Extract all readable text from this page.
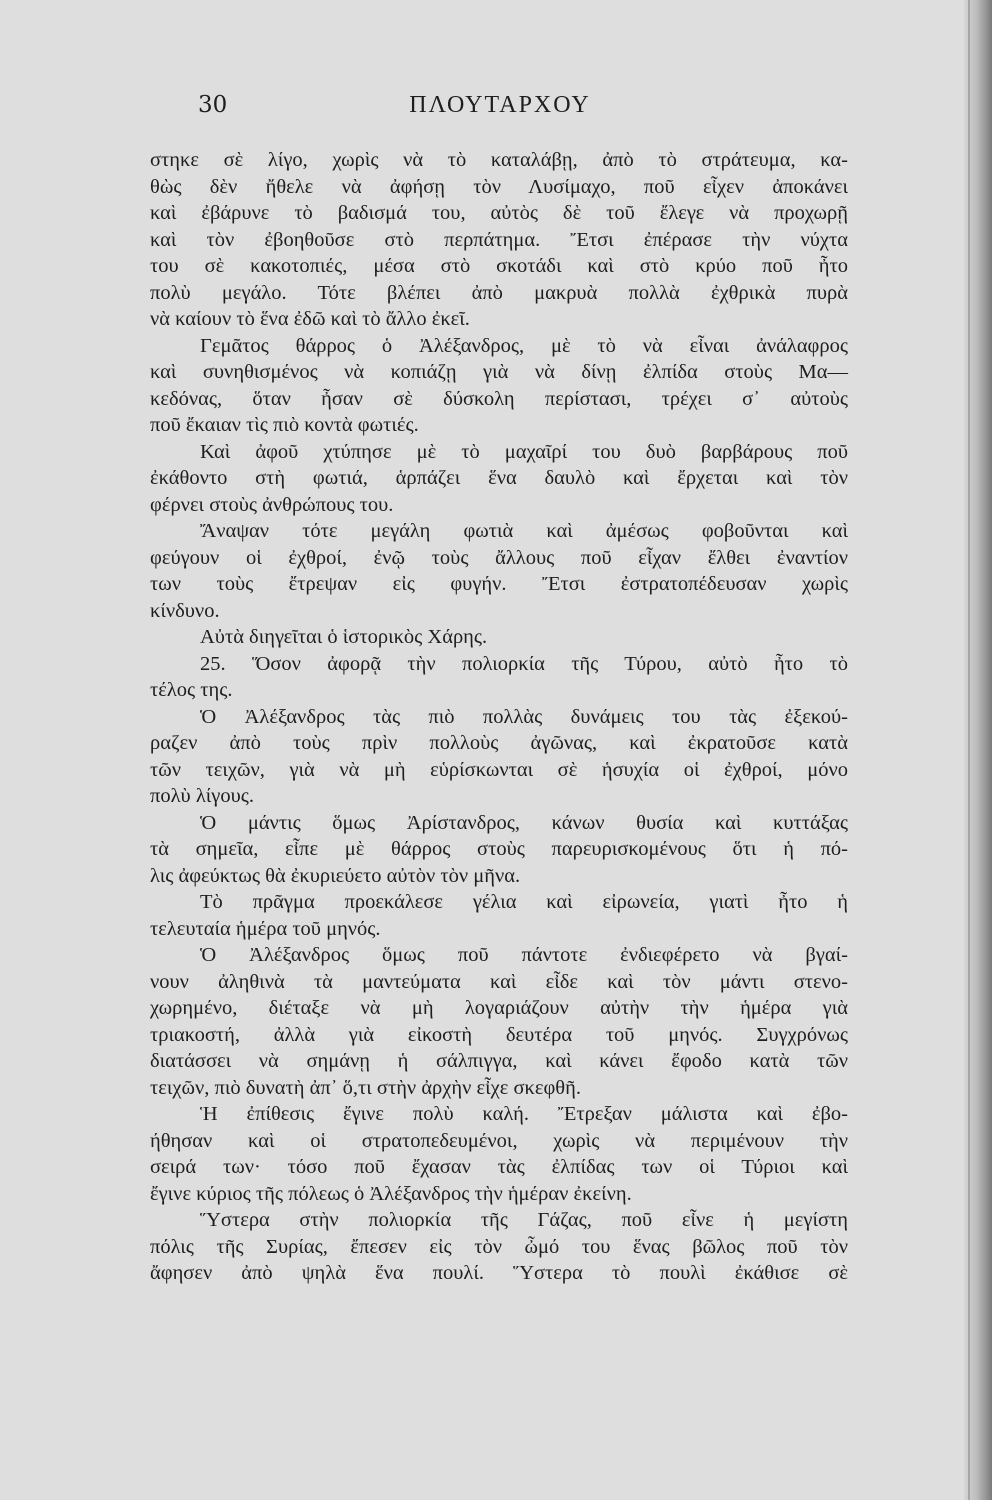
30	ΠΛΟΥΤΑΡΧΟΥ
στηκε σὲ λίγο, χωρὶς νὰ τὸ καταλάβῃ, ἀπὸ τὸ στράτευμα, κα-
θὼς δὲν ἤθελε νὰ ἀφήσῃ τὸν Λυσίμαχο, ποῦ εἶχεν ἀποκάνει
καὶ ἐβάρυνε τὸ βαδισμά του, αὐτὸς δὲ τοῦ ἔλεγε νὰ προχωρῇ
καὶ τὸν ἐβοηθοῦσε στὸ περπάτημα. Ἔτσι ἐπέρασε τὴν νύχτα
του σὲ κακοτοπιές, μέσα στὸ σκοτάδι καὶ στὸ κρύο ποῦ ἦτο
πολὺ μεγάλο. Τότε βλέπει ἀπὸ μακρυὰ πολλὰ ἐχθρικὰ πυρὰ
νὰ καίουν τὸ ἕνα ἐδῶ καὶ τὸ ἄλλο ἐκεῖ.
Γεμᾶτος θάρρος ὁ Ἀλέξανδρος, μὲ τὸ νὰ εἶναι ἀνάλαφρος
καὶ συνηθισμένος νὰ κοπιάζῃ γιὰ νὰ δίνῃ ἐλπίδα στοὺς Μα—
κεδόνας, ὅταν ἦσαν σὲ δύσκολη περίστασι, τρέχει σ᾽ αὐτοὺς
ποῦ ἔκαιαν τὶς πιὸ κοντὰ φωτιές.
Καὶ ἀφοῦ χτύπησε μὲ τὸ μαχαῖρί του δυὸ βαρβάρους ποῦ
ἐκάθοντο στὴ φωτιά, ἁρπάζει ἕνα δαυλὸ καὶ ἔρχεται καὶ τὸν
φέρνει στοὺς ἀνθρώπους του.
Ἄναψαν τότε μεγάλη φωτιὰ καὶ ἀμέσως φοβοῦνται καὶ
φεύγουν οἱ ἐχθροί, ἐνῷ τοὺς ἄλλους ποῦ εἶχαν ἔλθει ἐναντίον
των τοὺς ἔτρεψαν εἰς φυγήν. Ἔτσι ἐστρατοπέδευσαν χωρὶς
κίνδυνο.
Αὐτὰ διηγεῖται ὁ ἱστορικὸς Χάρης.
25. Ὅσον ἀφορᾷ τὴν πολιορκία τῆς Τύρου, αὐτὸ ἦτο τὸ
τέλος της.
Ὁ Ἀλέξανδρος τὰς πιὸ πολλὰς δυνάμεις του τὰς ἐξεκού-
ραζεν ἀπὸ τοὺς πρὶν πολλοὺς ἀγῶνας, καὶ ἐκρατοῦσε κατὰ
τῶν τειχῶν, γιὰ νὰ μὴ εὑρίσκωνται σὲ ἡσυχία οἱ ἐχθροί, μόνο
πολὺ λίγους.
Ὁ μάντις ὅμως Ἀρίστανδρος, κάνων θυσία καὶ κυττάξας
τὰ σημεῖα, εἶπε μὲ θάρρος στοὺς παρευρισκομένους ὅτι ἡ πό-
λις ἀφεύκτως θὰ ἐκυριεύετο αὐτὸν τὸν μῆνα.
Τὸ πρᾶγμα προεκάλεσε γέλια καὶ εἰρωνεία, γιατὶ ἦτο ἡ
τελευταία ἡμέρα τοῦ μηνός.
Ὁ Ἀλέξανδρος ὅμως ποῦ πάντοτε ἐνδιεφέρετο νὰ βγαί-
νουν ἀληθινὰ τὰ μαντεύματα καὶ εἶδε καὶ τὸν μάντι στενο-
χωρημένο, διέταξε νὰ μὴ λογαριάζουν αὐτὴν τὴν ἡμέρα γιὰ
τριακοστή, ἀλλὰ γιὰ εἰκοστὴ δευτέρα τοῦ μηνός. Συγχρόνως
διατάσσει νὰ σημάνῃ ἡ σάλπιγγα, καὶ κάνει ἔφοδο κατὰ τῶν
τειχῶν, πιὸ δυνατὴ ἀπ᾽ ὅ,τι στὴν ἀρχὴν εἶχε σκεφθῆ.
Ἡ ἐπίθεσις ἔγινε πολὺ καλή. Ἔτρεξαν μάλιστα καὶ ἐβο-
ήθησαν καὶ οἱ στρατοπεδευμένοι, χωρὶς νὰ περιμένουν τὴν
σειρά των· τόσο ποῦ ἔχασαν τὰς ἐλπίδας των οἱ Τύριοι καὶ
ἔγινε κύριος τῆς πόλεως ὁ Ἀλέξανδρος τὴν ἡμέραν ἐκείνη.
Ὕστερα στὴν πολιορκία τῆς Γάζας, ποῦ εἶνε ἡ μεγίστη
πόλις τῆς Συρίας, ἔπεσεν εἰς τὸν ὦμό του ἕνας βῶλος ποῦ τὸν
ἄφησεν ἀπὸ ψηλὰ ἕνα πουλί. Ὕστερα τὸ πουλὶ ἐκάθισε σὲ
